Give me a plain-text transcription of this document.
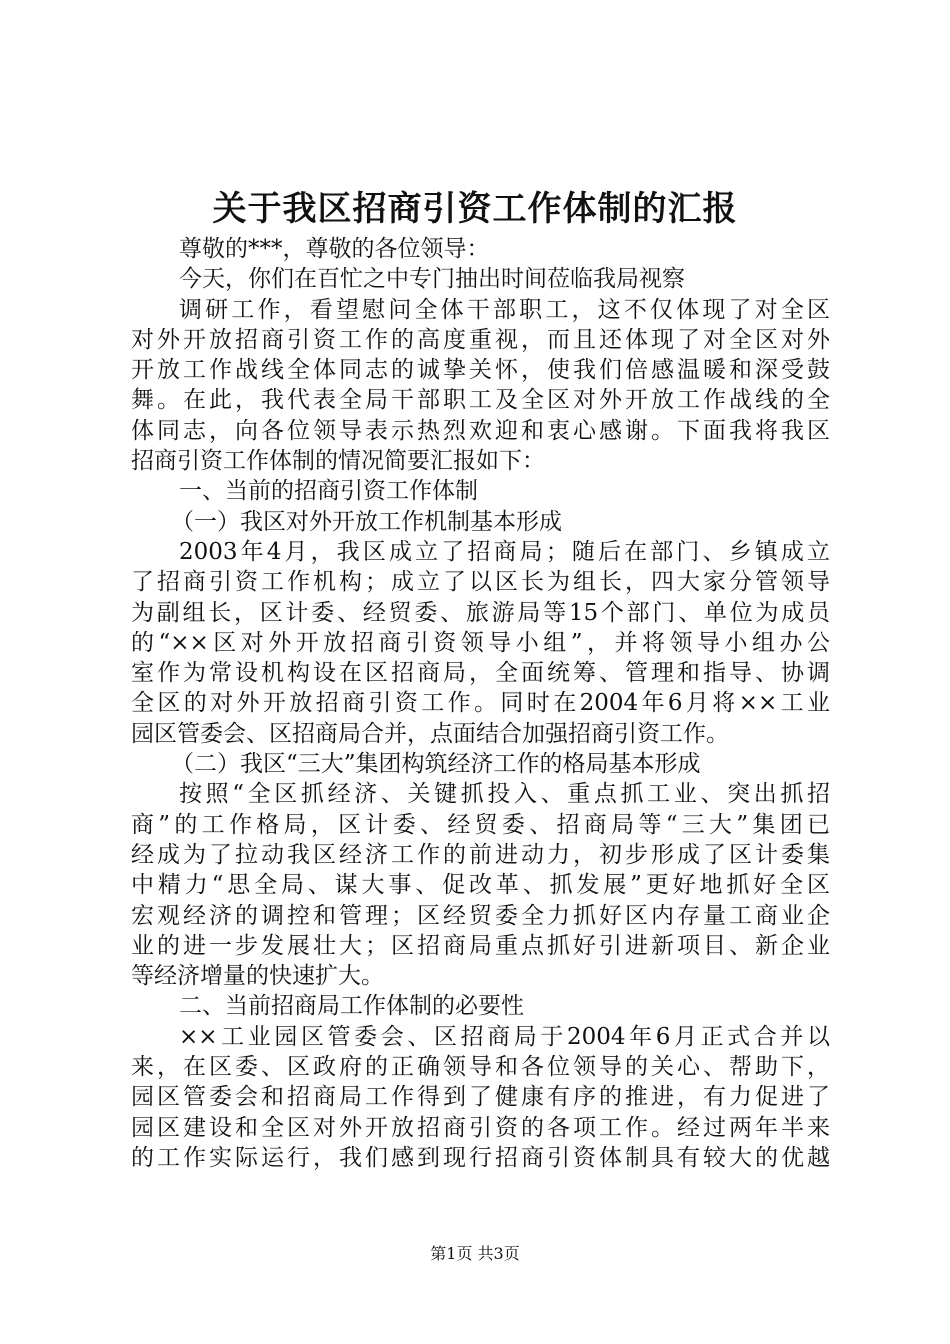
关于我区招商引资工作体制的汇报
尊敬的***，尊敬的各位领导：
今天，你们在百忙之中专门抽出时间莅临我局视察
调研工作，看望慰问全体干部职工，这不仅体现了对全区
对外开放招商引资工作的高度重视，而且还体现了对全区对外
开放工作战线全体同志的诚挚关怀，使我们倍感温暖和深受鼓
舞。在此，我代表全局干部职工及全区对外开放工作战线的全
体同志，向各位领导表示热烈欢迎和衷心感谢。下面我将我区
招商引资工作体制的情况简要汇报如下：
一、当前的招商引资工作体制
（一）我区对外开放工作机制基本形成
2003年4月，我区成立了招商局；随后在部门、乡镇成立
了招商引资工作机构；成立了以区长为组长，四大家分管领导
为副组长，区计委、经贸委、旅游局等15个部门、单位为成员
的“××区对外开放招商引资领导小组”，并将领导小组办公
室作为常设机构设在区招商局，全面统筹、管理和指导、协调
全区的对外开放招商引资工作。同时在2004年6月将××工业
园区管委会、区招商局合并，点面结合加强招商引资工作。
（二）我区“三大”集团构筑经济工作的格局基本形成
按照“全区抓经济、关键抓投入、重点抓工业、突出抓招
商”的工作格局，区计委、经贸委、招商局等“三大”集团已
经成为了拉动我区经济工作的前进动力，初步形成了区计委集
中精力“思全局、谋大事、促改革、抓发展”更好地抓好全区
宏观经济的调控和管理；区经贸委全力抓好区内存量工商业企
业的进一步发展壮大；区招商局重点抓好引进新项目、新企业
等经济增量的快速扩大。
二、当前招商局工作体制的必要性
××工业园区管委会、区招商局于2004年6月正式合并以
来，在区委、区政府的正确领导和各位领导的关心、帮助下，
园区管委会和招商局工作得到了健康有序的推进，有力促进了
园区建设和全区对外开放招商引资的各项工作。经过两年半来
的工作实际运行，我们感到现行招商引资体制具有较大的优越
第1页 共3页
